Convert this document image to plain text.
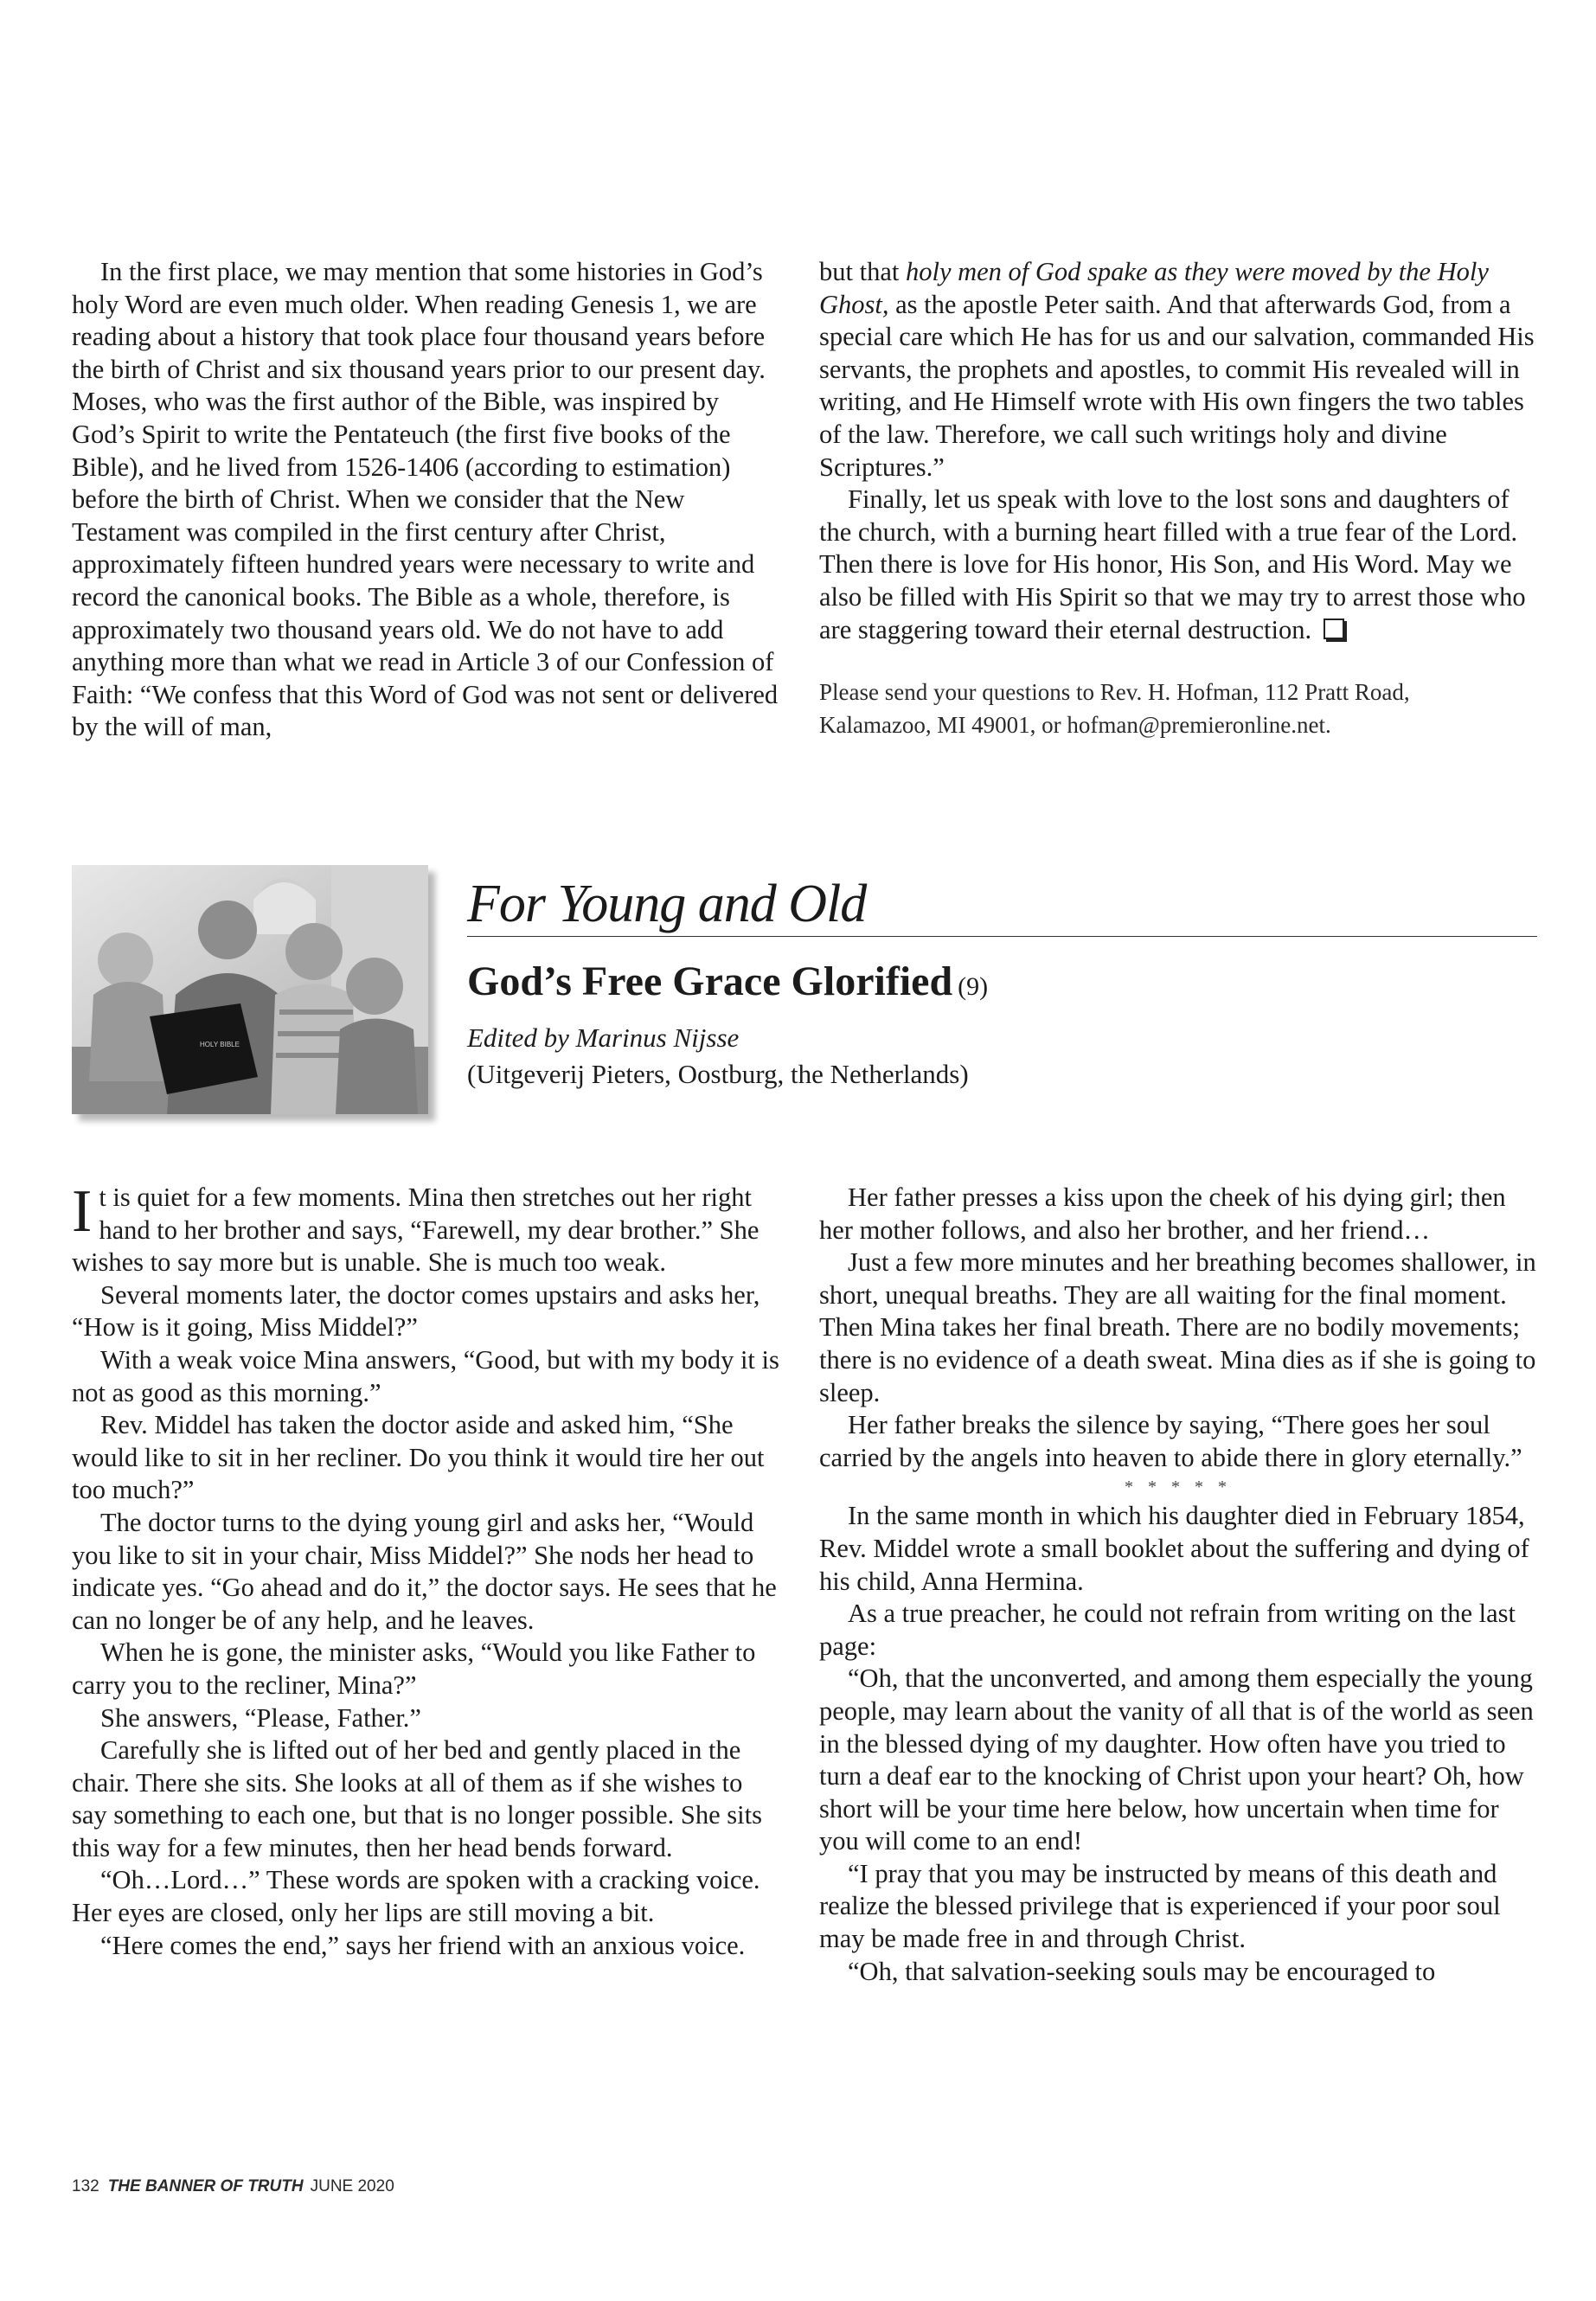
In the first place, we may mention that some histories in God’s holy Word are even much older. When reading Genesis 1, we are reading about a history that took place four thousand years before the birth of Christ and six thousand years prior to our present day. Moses, who was the first author of the Bible, was inspired by God’s Spirit to write the Pentateuch (the first five books of the Bible), and he lived from 1526-1406 (according to estimation) before the birth of Christ. When we consider that the New Testament was compiled in the first century after Christ, approximately fifteen hundred years were necessary to write and record the canonical books. The Bible as a whole, therefore, is approximately two thousand years old. We do not have to add anything more than what we read in Article 3 of our Confession of Faith: “We confess that this Word of God was not sent or delivered by the will of man,

but that holy men of God spake as they were moved by the Holy Ghost, as the apostle Peter saith. And that afterwards God, from a special care which He has for us and our salvation, commanded His servants, the prophets and apostles, to commit His revealed will in writing, and He Himself wrote with His own fingers the two tables of the law. Therefore, we call such writings holy and divine Scriptures.”

Finally, let us speak with love to the lost sons and daughters of the church, with a burning heart filled with a true fear of the Lord. Then there is love for His honor, His Son, and His Word. May we also be filled with His Spirit so that we may try to arrest those who are staggering toward their eternal destruction.

Please send your questions to Rev. H. Hofman, 112 Pratt Road,
Kalamazoo, MI 49001, or hofman@premieronline.net.
HOLY BIBLE
For Young and Old
God’s Free Grace Glorified (9)
Edited by Marinus Nijsse
(Uitgeverij Pieters, Oostburg, the Netherlands)

It is quiet for a few moments. Mina then stretches out her right hand to her brother and says, “Farewell, my dear brother.” She wishes to say more but is unable. She is much too weak.

Several moments later, the doctor comes upstairs and asks her, “How is it going, Miss Middel?”

With a weak voice Mina answers, “Good, but with my body it is not as good as this morning.”

Rev. Middel has taken the doctor aside and asked him, “She would like to sit in her recliner. Do you think it would tire her out too much?”

The doctor turns to the dying young girl and asks her, “Would you like to sit in your chair, Miss Middel?” She nods her head to indicate yes. “Go ahead and do it,” the doctor says. He sees that he can no longer be of any help, and he leaves.

When he is gone, the minister asks, “Would you like Father to carry you to the recliner, Mina?”

She answers, “Please, Father.”

Carefully she is lifted out of her bed and gently placed in the chair. There she sits. She looks at all of them as if she wishes to say something to each one, but that is no longer possible. She sits this way for a few minutes, then her head bends forward.

“Oh…Lord…” These words are spoken with a cracking voice. Her eyes are closed, only her lips are still moving a bit.

“Here comes the end,” says her friend with an anxious voice.

Her father presses a kiss upon the cheek of his dying girl; then her mother follows, and also her brother, and her friend…

Just a few more minutes and her breathing becomes shallower, in short, unequal breaths. They are all waiting for the final moment. Then Mina takes her final breath. There are no bodily movements; there is no evidence of a death sweat. Mina dies as if she is going to sleep.

Her father breaks the silence by saying, “There goes her soul carried by the angels into heaven to abide there in glory eternally.”

* * * * *

In the same month in which his daughter died in February 1854, Rev. Middel wrote a small booklet about the suffering and dying of his child, Anna Hermina.

As a true preacher, he could not refrain from writing on the last page:

“Oh, that the unconverted, and among them especially the young people, may learn about the vanity of all that is of the world as seen in the blessed dying of my daughter. How often have you tried to turn a deaf ear to the knocking of Christ upon your heart? Oh, how short will be your time here below, how uncertain when time for you will come to an end!

“I pray that you may be instructed by means of this death and realize the blessed privilege that is experienced if your poor soul may be made free in and through Christ.

“Oh, that salvation-seeking souls may be encouraged to

132 THE BANNER OF TRUTH JUNE 2020
